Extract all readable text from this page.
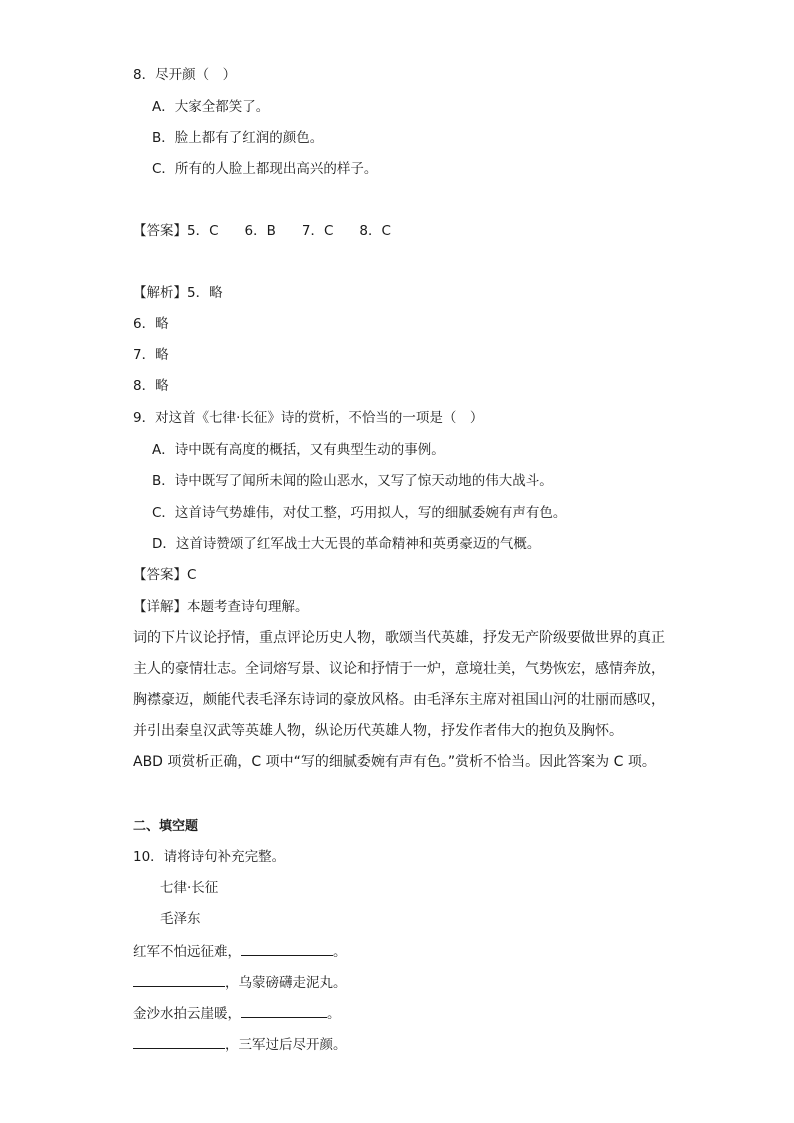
8．尽开颜（　）
A．大家全都笑了。
B．脸上都有了红润的颜色。
C．所有的人脸上都现出高兴的样子。
【答案】5．C 6．B 7．C 8．C
【解析】5．略
6．略
7．略
8．略
9．对这首《七律·长征》诗的赏析，不恰当的一项是（　）
A．诗中既有高度的概括，又有典型生动的事例。
B．诗中既写了闻所未闻的险山恶水，又写了惊天动地的伟大战斗。
C．这首诗气势雄伟，对仗工整，巧用拟人，写的细腻委婉有声有色。
D．这首诗赞颂了红军战士大无畏的革命精神和英勇豪迈的气概。
【答案】C
【详解】本题考查诗句理解。
词的下片议论抒情，重点评论历史人物，歌颂当代英雄，抒发无产阶级要做世界的真正
主人的豪情壮志。全词熔写景、议论和抒情于一炉，意境壮美，气势恢宏，感情奔放，
胸襟豪迈，颇能代表毛泽东诗词的豪放风格。由毛泽东主席对祖国山河的壮丽而感叹，
并引出秦皇汉武等英雄人物，纵论历代英雄人物，抒发作者伟大的抱负及胸怀。
ABD 项赏析正确，C 项中“写的细腻委婉有声有色。”赏析不恰当。因此答案为 C 项。
二、填空题
10．请将诗句补充完整。
七律·长征
毛泽东
红军不怕远征难，	。
，乌蒙磅礴走泥丸。
金沙水拍云崖暖，	。
，三军过后尽开颜。
